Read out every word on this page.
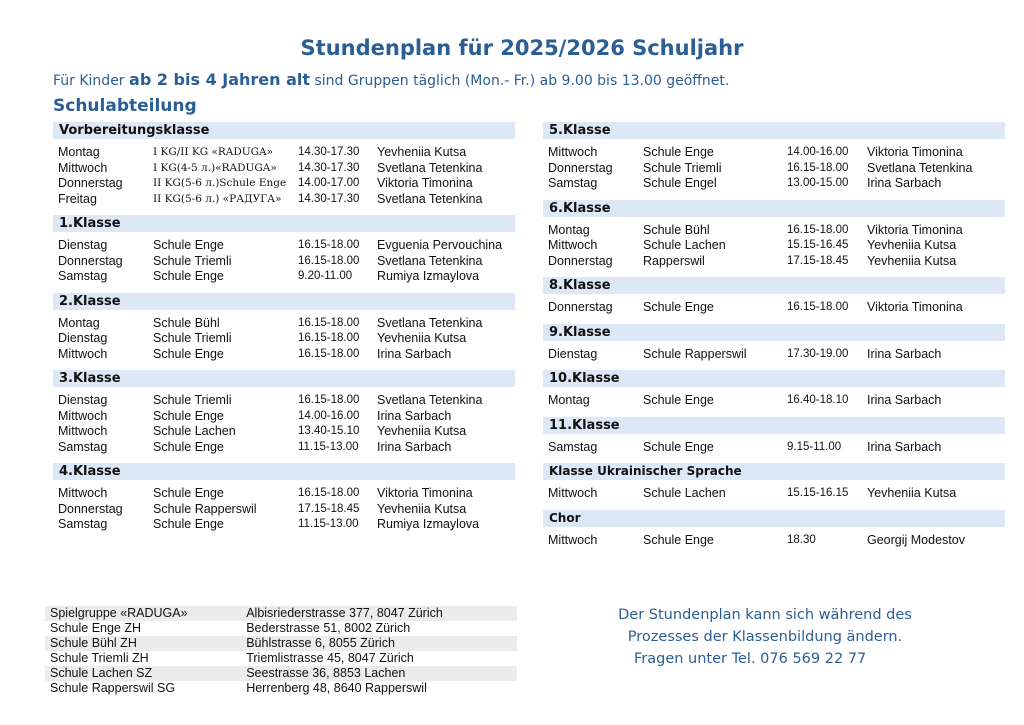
Stundenplan für 2025/2026 Schuljahr
Für Kinder ab 2 bis 4 Jahren alt sind Gruppen täglich (Mon.- Fr.) ab 9.00 bis 13.00 geöffnet.
Schulabteilung
Vorbereitungsklasse
Montag	I KG/II KG «RADUGA» 14.30-17.30 Yevheniia Kutsa
Mittwoch	I KG(4-5 л.)«RADUGA» 14.30-17.30 Svetlana Tetenkina
Donnerstag	II KG(5-6 л.)Schule Enge 14.00-17.00 Viktoria Timonina
Freitag	II KG(5-6 л.) «РАДУГА» 14.30-17.30 Svetlana Tetenkina
1.Klasse
Dienstag	Schule Enge	16.15-18.00 Evguenia Pervouchina
Donnerstag Schule Triemli	16.15-18.00 Svetlana Tetenkina
Samstag	Schule Enge	9.20-11.00 Rumiya Izmaylova
2.Klasse
Montag	Schule Bühl	16.15-18.00 Svetlana Tetenkina
Dienstag	Schule Triemli	16.15-18.00 Yevheniia Kutsa
Mittwoch	Schule Enge	16.15-18.00 Irina Sarbach
3.Klasse
Dienstag	Schule Triemli	16.15-18.00 Svetlana Tetenkina
Mittwoch	Schule Enge	14.00-16.00 Irina Sarbach
Mittwoch	Schule Lachen	13.40-15.10 Yevheniia Kutsa
Samstag	Schule Enge	11.15-13.00 Irina Sarbach
4.Klasse
Mittwoch	Schule Enge	16.15-18.00 Viktoria Timonina
Donnerstag Schule Rapperswil	17.15-18.45 Yevheniia Kutsa
Samstag	Schule Enge	11.15-13.00 Rumiya Izmaylova
5.Klasse
Mittwoch	Schule Enge	14.00-16.00 Viktoria Timonina
Donnerstag Schule Triemli	16.15-18.00 Svetlana Tetenkina
Samstag	Schule Engel	13.00-15.00 Irina Sarbach
6.Klasse
Montag	Schule Bühl	16.15-18.00 Viktoria Timonina
Mittwoch	Schule Lachen	15.15-16.45 Yevheniia Kutsa
Donnerstag Rapperswil	17.15-18.45 Yevheniia Kutsa
8.Klasse
Donnerstag Schule Enge	16.15-18.00 Viktoria Timonina
9.Klasse
Dienstag	Schule Rapperswil	17.30-19.00 Irina Sarbach
10.Klasse
Montag	Schule Enge	16.40-18.10 Irina Sarbach
11.Klasse
Samstag	Schule Enge	9.15-11.00 Irina Sarbach
Klasse Ukrainischer Sprache
Mittwoch	Schule Lachen	15.15-16.15 Yevheniia Kutsa
Chor
Mittwoch	Schule Enge	18.30	Georgij Modestov
Spielgruppe «RADUGA»	Albisriederstrasse 377, 8047 Zürich
Schule Enge ZH	Bederstrasse 51, 8002 Zürich
Schule Bühl ZH	Bühlstrasse 6, 8055 Zürich
Schule Triemli ZH	Triemlistrasse 45, 8047 Zürich
Schule Lachen SZ	Seestrasse 36, 8853 Lachen
Schule Rapperswil SG	Herrenberg 48, 8640 Rapperswil
Der Stundenplan kann sich während des
Prozesses der Klassenbildung ändern.
Fragen unter Tel. 076 569 22 77
